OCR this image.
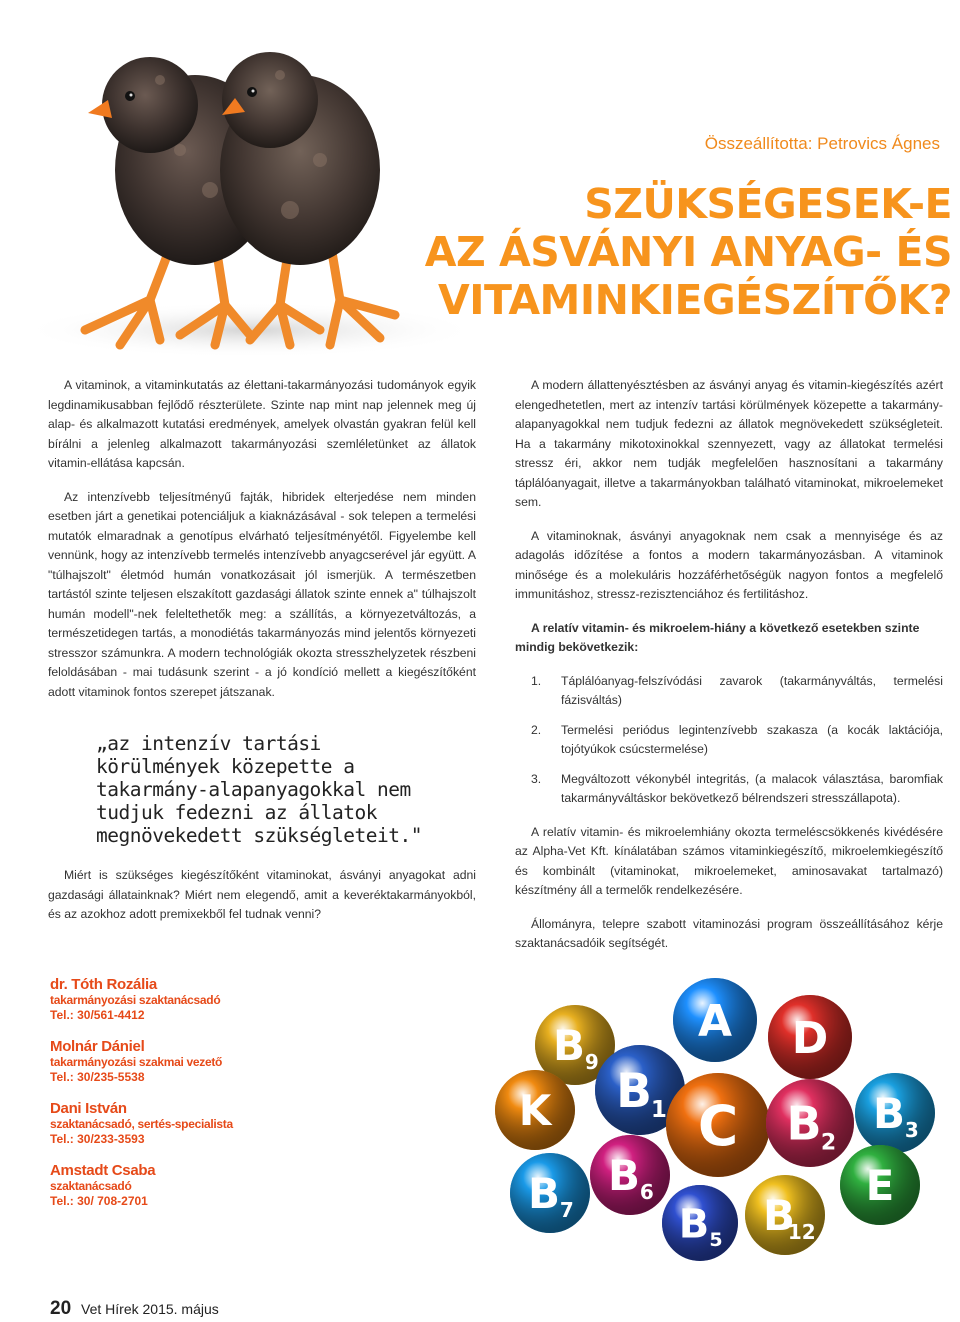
Összeállította: Petrovics Ágnes
SZÜKSÉGESEK-E
AZ ÁSVÁNYI ANYAG- ÉS
VITAMINKIEGÉSZÍTŐK?

A vitaminok, a vitaminkutatás az élettani-takarmányozási tudományok egyik legdinamikusabban fejlődő részterülete. Szinte nap mint nap jelennek meg új alap- és alkalmazott kutatási eredmények, amelyek olvastán gyakran felül kell bírálni a jelenleg alkalmazott takarmányozási szemléletünket az állatok vitamin-ellátása kapcsán.

Az intenzívebb teljesítményű fajták, hibridek elterjedése nem minden esetben járt a genetikai potenciáljuk a kiaknázásával - sok telepen a termelési mutatók elmaradnak a genotípus elvárható teljesítményétől. Figyelembe kell vennünk, hogy az intenzívebb termelés intenzívebb anyagcserével jár együtt. A "túlhajszolt" életmód humán vonatkozásait jól ismerjük. A természetben tartástól szinte teljesen elszakított gazdasági állatok szinte ennek a" túlhajszolt humán modell"-nek feleltethetők meg: a szállítás, a környezetváltozás, a természetidegen tartás, a monodiétás takarmányozás mind jelentős környezeti stresszor számunkra. A modern technológiák okozta stresszhelyzetek részbeni feloldásában - mai tudásunk szerint - a jó kondíció mellett a kiegészítőként adott vitaminok fontos szerepet játszanak.

„az intenzív tartási körülmények közepette a takarmány-alapanyagokkal nem tudjuk fedezni az állatok megnövekedett szükségleteit."

Miért is szükséges kiegészítőként vitaminokat, ásványi anyagokat adni gazdasági állatainknak? Miért nem elegendő, amit a keveréktakarmányokból, és az azokhoz adott premixekből fel tudnak venni?

A modern állattenyésztésben az ásványi anyag és vitamin-kiegészítés azért elengedhetetlen, mert az intenzív tartási körülmények közepette a takarmány-alapanyagokkal nem tudjuk fedezni az állatok megnövekedett szükségleteit. Ha a takarmány mikotoxinokkal szennyezett, vagy az állatokat termelési stressz éri, akkor nem tudják megfelelően hasznosítani a takarmány táplálóanyagait, illetve a takarmányokban található vitaminokat, mikroelemeket sem.

A vitaminoknak, ásványi anyagoknak nem csak a mennyisége és az adagolás időzítése a fontos a modern takarmányozásban. A vitaminok minősége és a molekuláris hozzáférhetőségük nagyon fontos a megfelelő immunitáshoz, stressz-rezisztenciához és fertilitáshoz.

A relatív vitamin- és mikroelem-hiány a következő esetekben szinte mindig bekövetkezik:
1. Táplálóanyag-felszívódási zavarok (takarmányváltás, termelési fázisváltás)
2. Termelési periódus legintenzívebb szakasza (a kocák laktációja, tojótyúkok csúcstermelése)
3. Megváltozott vékonybél integritás, (a malacok választása, baromfiak takarmányváltáskor bekövetkező bélrendszeri stresszállapota).

A relatív vitamin- és mikroelemhiány okozta termeléscsökkenés kivédésére az Alpha-Vet Kft. kínálatában számos vitaminkiegészítő, mikroelemkiegészítő és kombinált (vitaminokat, mikroelemeket, aminosavakat tartalmazó) készítmény áll a termelők rendelkezésére.

Állományra, telepre szabott vitaminozási program összeállításához kérje szaktanácsadóik segítségét.

dr. Tóth Rozália
takarmányozási szaktanácsadó
Tel.: 30/561-4412
Molnár Dániel
takarmányozási szakmai vezető
Tel.: 30/235-5538
Dani István
szaktanácsadó, sertés-specialista
Tel.: 30/233-3593
Amstadt Csaba
szaktanácsadó
Tel.: 30/ 708-2701
B 9
A D
K B
1 C B 2
B 3
B 7
B 6
B 5 B
12
E
20 Vet Hírek 2015. május
